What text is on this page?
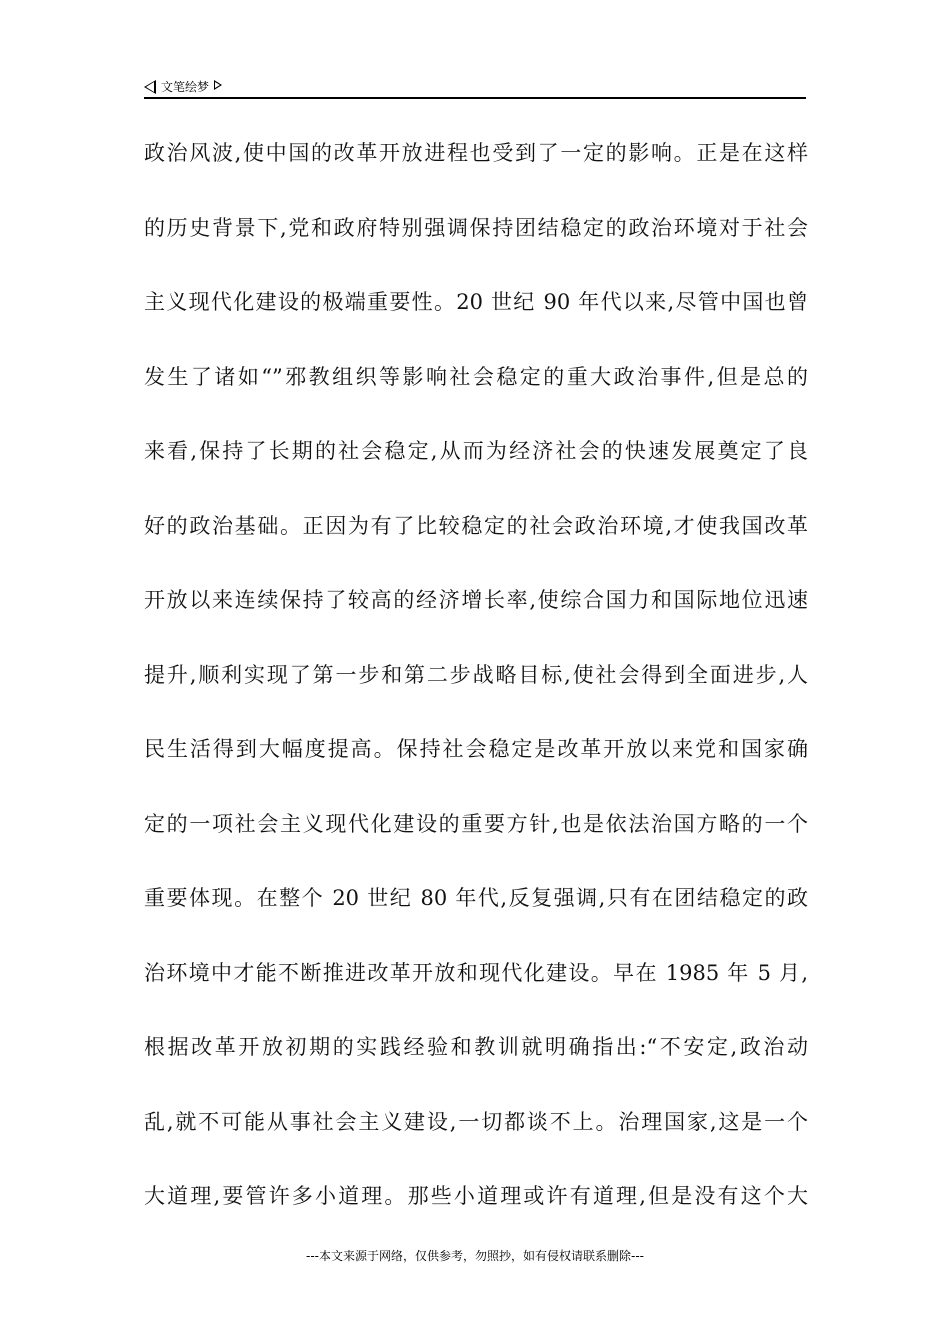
文笔绘梦
政治风波,使中国的改革开放进程也受到了一定的影响。正是在这样
的历史背景下,党和政府特别强调保持团结稳定的政治环境对于社会
主义现代化建设的极端重要性。20 世纪 90 年代以来,尽管中国也曾
发生了诸如“”邪教组织等影响社会稳定的重大政治事件,但是总的
来看,保持了长期的社会稳定,从而为经济社会的快速发展奠定了良
好的政治基础。正因为有了比较稳定的社会政治环境,才使我国改革
开放以来连续保持了较高的经济增长率,使综合国力和国际地位迅速
提升,顺利实现了第一步和第二步战略目标,使社会得到全面进步,人
民生活得到大幅度提高。保持社会稳定是改革开放以来党和国家确
定的一项社会主义现代化建设的重要方针,也是依法治国方略的一个
重要体现。在整个 20 世纪 80 年代,反复强调,只有在团结稳定的政
治环境中才能不断推进改革开放和现代化建设。早在 1985 年 5 月,
根据改革开放初期的实践经验和教训就明确指出:“不安定,政治动
乱,就不可能从事社会主义建设,一切都谈不上。治理国家,这是一个
大道理,要管许多小道理。那些小道理或许有道理,但是没有这个大
---本文来源于网络，仅供参考，勿照抄，如有侵权请联系删除---
